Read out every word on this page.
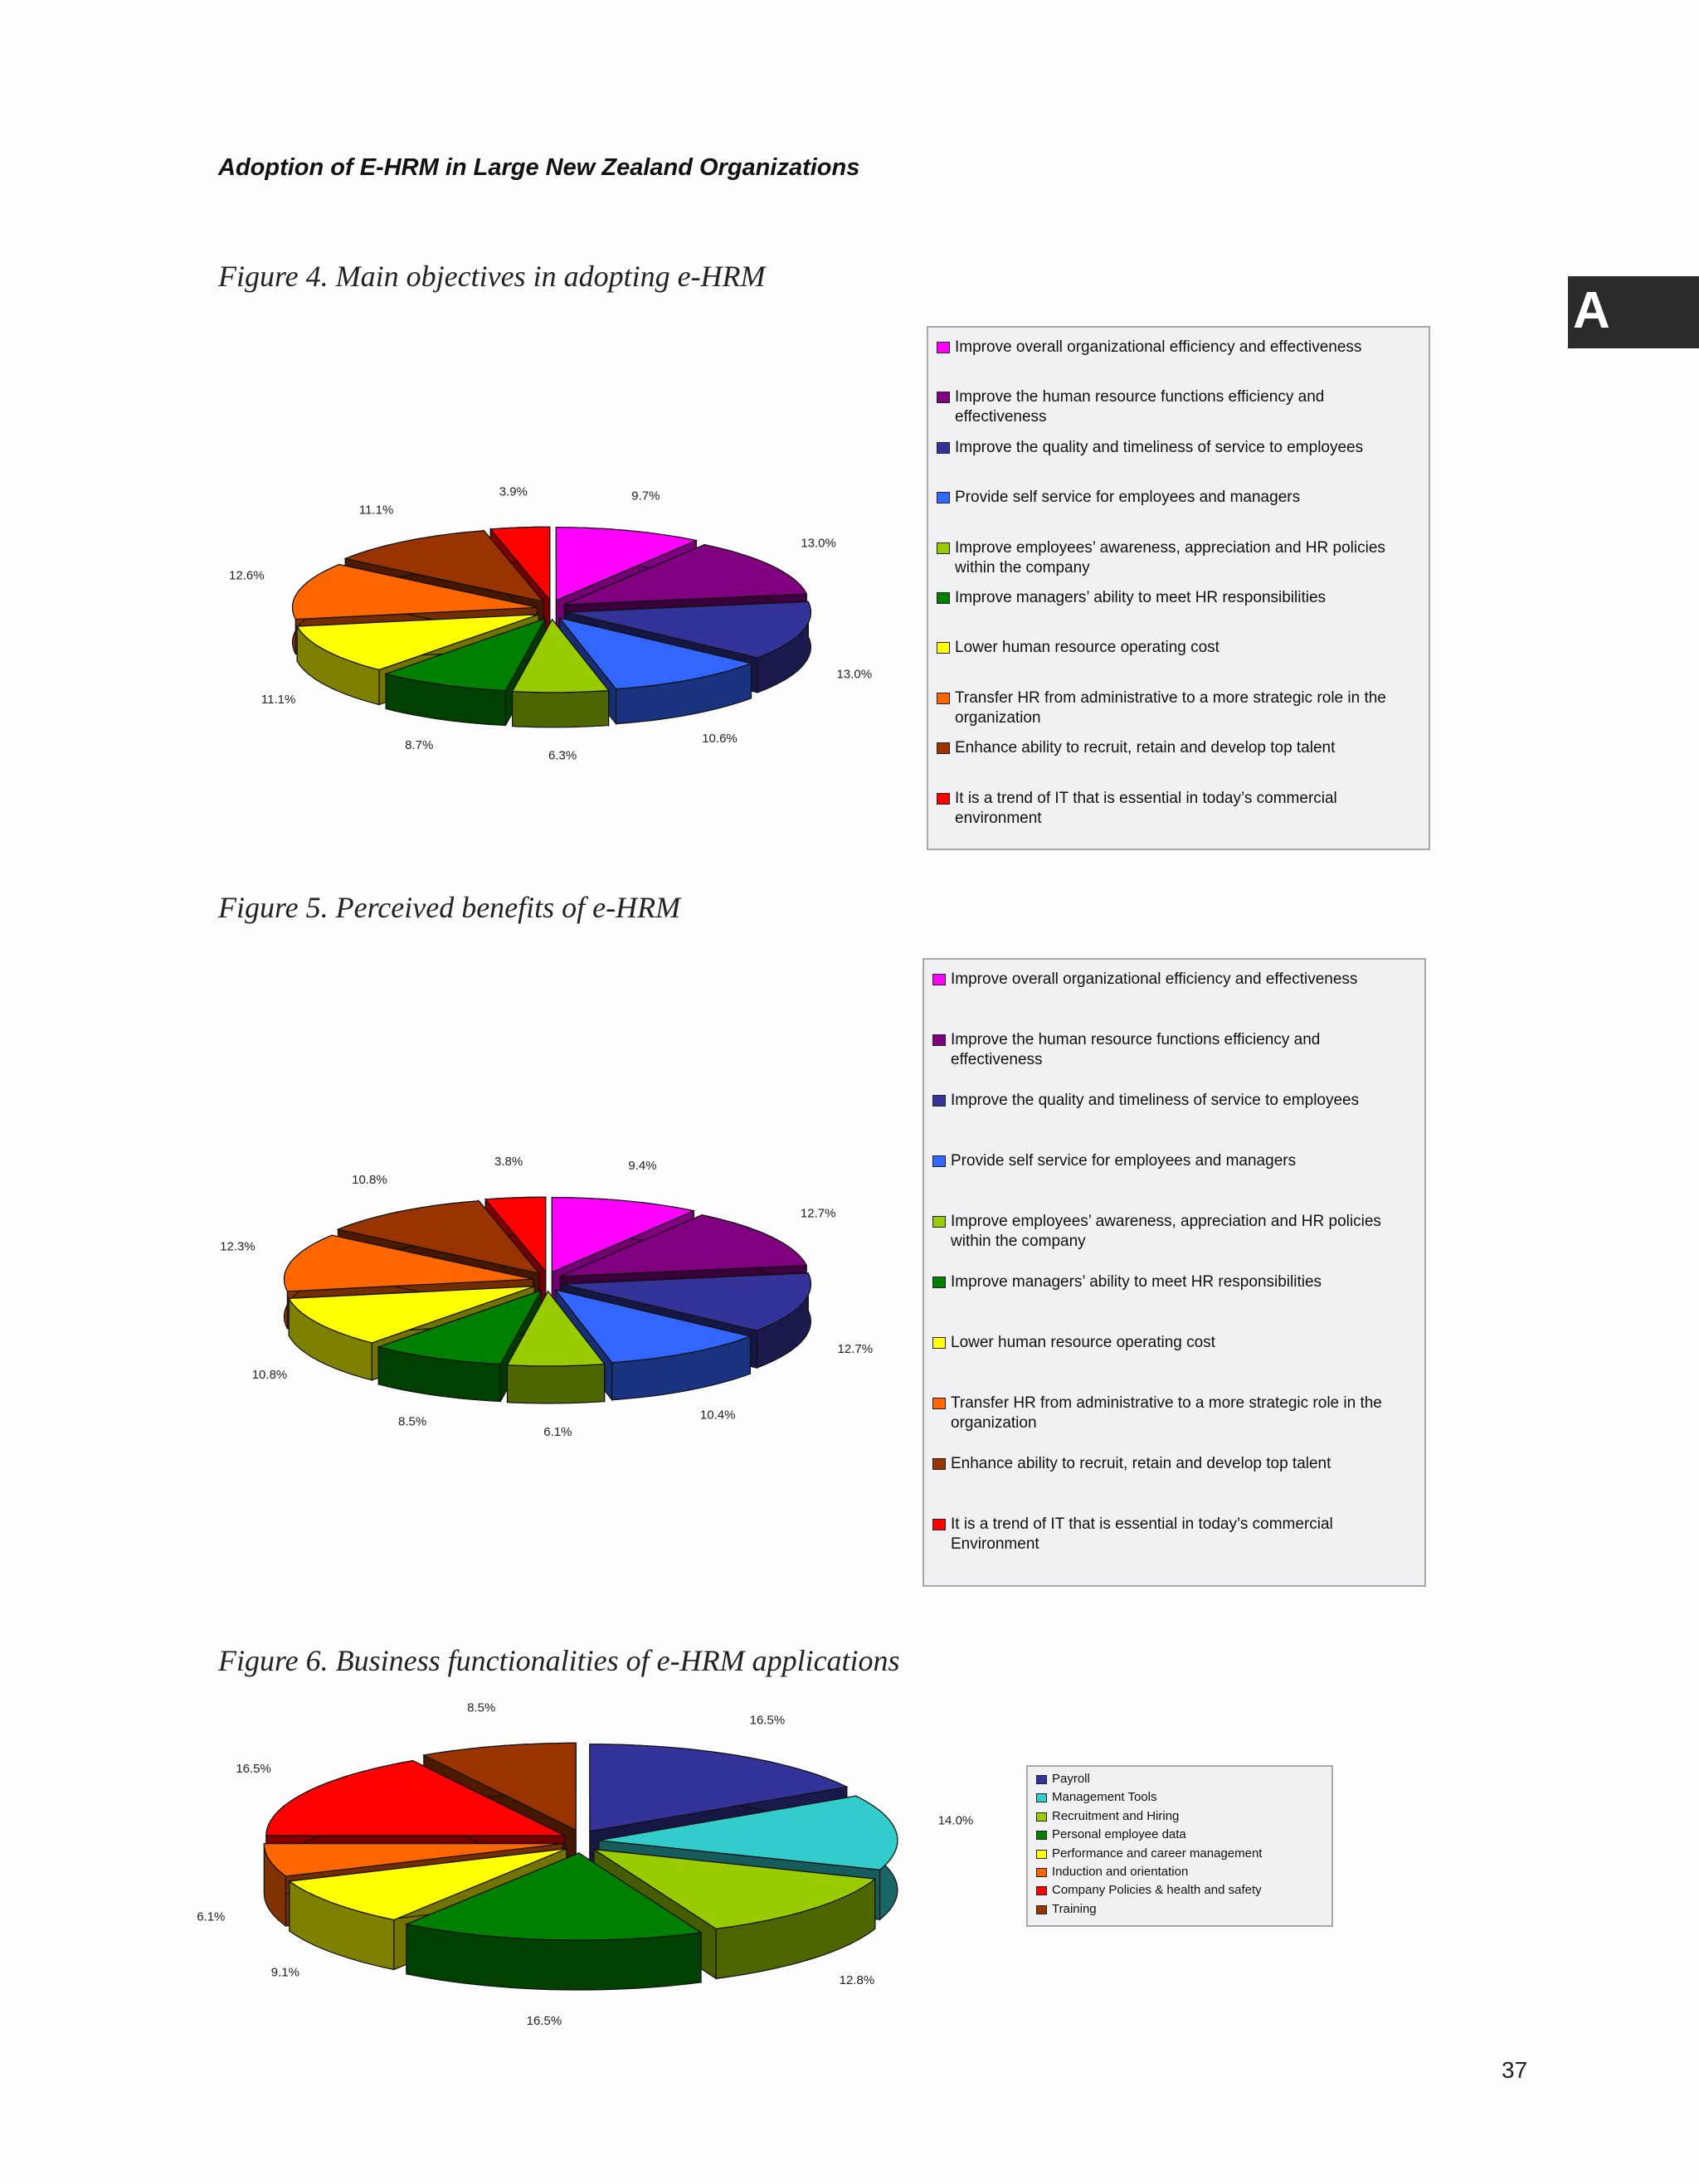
Adoption of E-HRM in Large New Zealand Organizations
A
Figure 4. Main objectives in adopting e-HRM
Figure 5. Perceived benefits of e-HRM
Figure 6. Business functionalities of e-HRM applications
9.7%
13.0%
13.0%
10.6%
6.3%
8.7%
11.1%
12.6%
11.1%
3.9%
9.4%
12.7%
12.7%
10.4%
6.1%
8.5%
10.8%
12.3%
10.8%
3.8%
16.5%
14.0%
12.8%
16.5%
9.1%
6.1%
16.5%
8.5%
Improve overall organizational efficiency and effectiveness
Improve the human resource functions efficiency and effectiveness
Improve the quality and timeliness of service to employees
Provide self service for employees and managers
Improve employees’ awareness, appreciation and HR policies within the company
Improve managers’ ability to meet HR responsibilities
Lower human resource operating cost
Transfer HR from administrative to a more strategic role in the organization
Enhance ability to recruit, retain and develop top talent
It is a trend of IT that is essential in today’s commercial environment
Improve overall organizational efficiency and effectiveness
Improve the human resource functions efficiency and effectiveness
Improve the quality and timeliness of service to employees
Provide self service for employees and managers
Improve employees’ awareness, appreciation and HR policies within the company
Improve managers’ ability to meet HR responsibilities
Lower human resource operating cost
Transfer HR from administrative to a more strategic role in the organization
Enhance ability to recruit, retain and develop top talent
It is a trend of IT that is essential in today’s commercial Environment
Payroll
Management Tools
Recruitment and Hiring
Personal employee data
Performance and career management
Induction and orientation
Company Policies & health and safety
Training
37
